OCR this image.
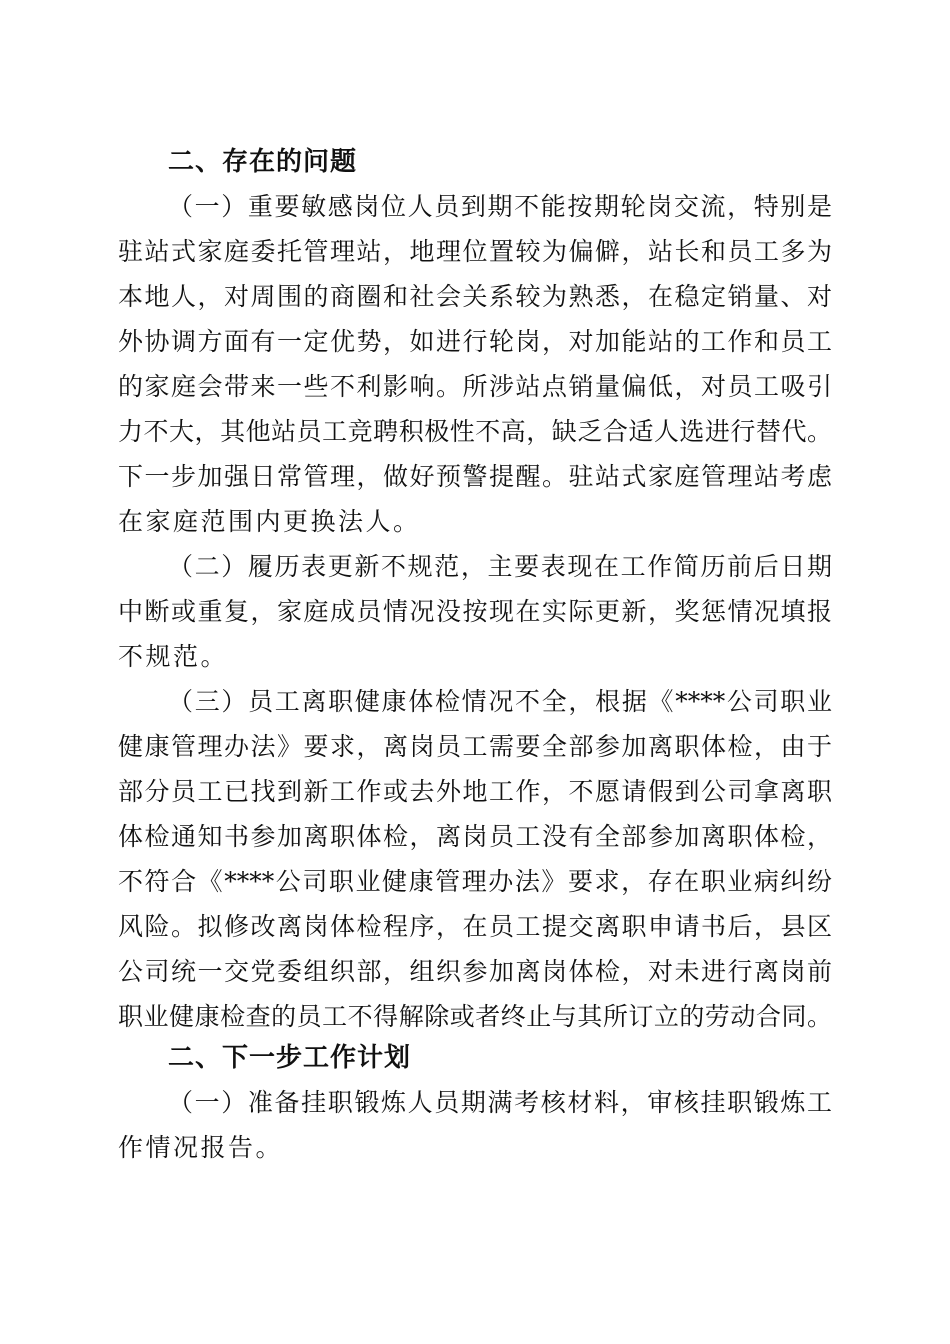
二、存在的问题
（一）重要敏感岗位人员到期不能按期轮岗交流，特别是
驻站式家庭委托管理站，地理位置较为偏僻，站长和员工多为
本地人，对周围的商圈和社会关系较为熟悉，在稳定销量、对
外协调方面有一定优势，如进行轮岗，对加能站的工作和员工
的家庭会带来一些不利影响。所涉站点销量偏低，对员工吸引
力不大，其他站员工竞聘积极性不高，缺乏合适人选进行替代。
下一步加强日常管理，做好预警提醒。驻站式家庭管理站考虑
在家庭范围内更换法人。
（二）履历表更新不规范，主要表现在工作简历前后日期
中断或重复，家庭成员情况没按现在实际更新，奖惩情况填报
不规范。
（三）员工离职健康体检情况不全，根据《****公司职业
健康管理办法》要求，离岗员工需要全部参加离职体检，由于
部分员工已找到新工作或去外地工作，不愿请假到公司拿离职
体检通知书参加离职体检，离岗员工没有全部参加离职体检，
不符合《****公司职业健康管理办法》要求，存在职业病纠纷
风险。拟修改离岗体检程序，在员工提交离职申请书后，县区
公司统一交党委组织部，组织参加离岗体检，对未进行离岗前
职业健康检查的员工不得解除或者终止与其所订立的劳动合同。
二、下一步工作计划
（一）准备挂职锻炼人员期满考核材料，审核挂职锻炼工
作情况报告。
